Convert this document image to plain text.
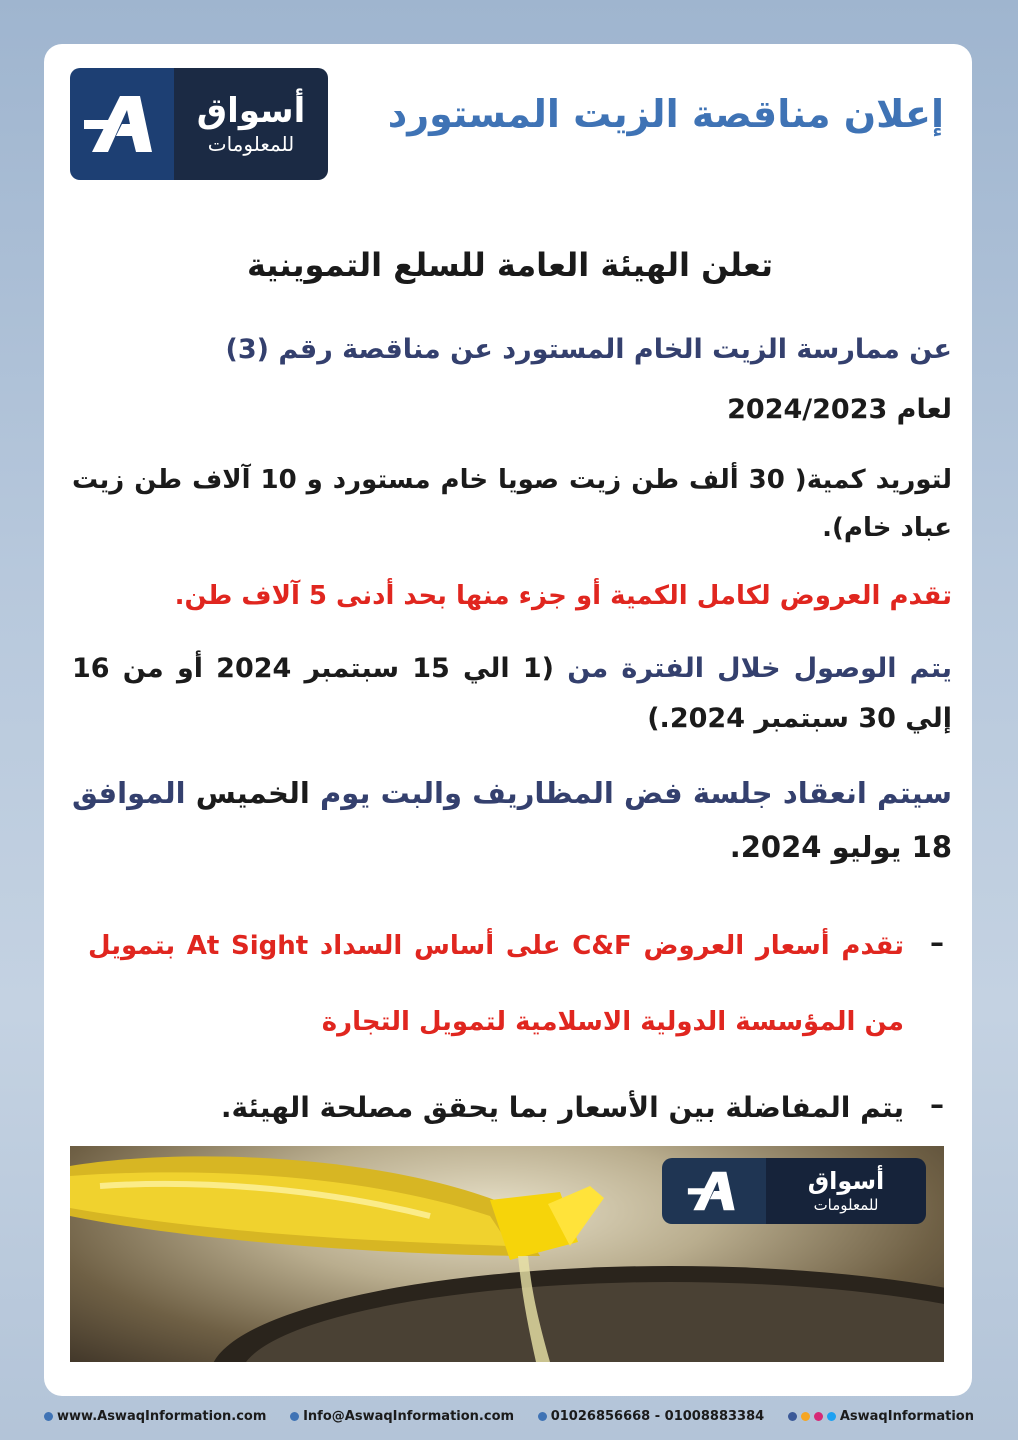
أسواق
للمعلومات
إعلان مناقصة الزيت المستورد
تعلن الهيئة العامة للسلع التموينية
عن ممارسة الزيت الخام المستورد عن مناقصة رقم (3)
لعام 2024/2023
لتوريد كمية( 30 ألف طن زيت صويا خام مستورد و 10 آلاف طن زيت عباد خام).
تقدم العروض لكامل الكمية أو جزء منها بحد أدنى 5 آلاف طن.
يتم الوصول خلال الفترة من (1 الي 15 سبتمبر 2024 أو من 16 إلي 30 سبتمبر 2024.)
سيتم انعقاد جلسة فض المظاريف والبت يوم الخميس الموافق 18 يوليو 2024.
–
تقدم أسعار العروض C&F على أساس السداد At Sight بتمويل من المؤسسة الدولية الاسلامية لتمويل التجارة
–
يتم المفاضلة بين الأسعار بما يحقق مصلحة الهيئة.
أسواق
للمعلومات
www.AswaqInformation.com	Info@AswaqInformation.com	01026856668 - 01008883384	AswaqInformation
